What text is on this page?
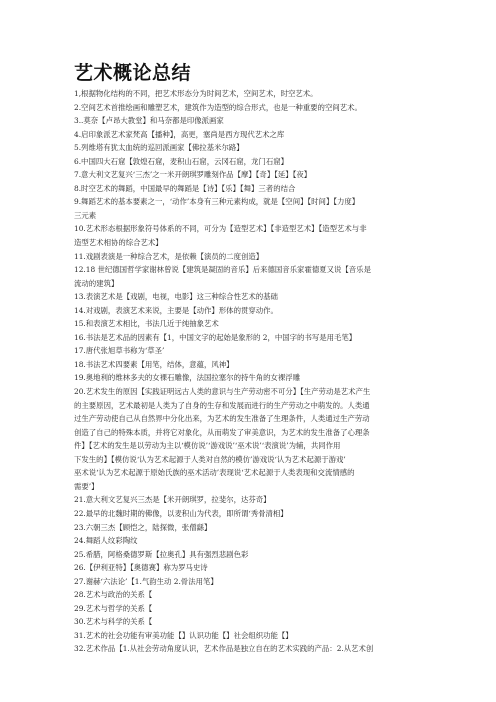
艺术概论总结
1,根据物化结构的不同，把艺术形态分为时间艺术，空间艺术，时空艺术。
2.空间艺术首推绘画和雕塑艺术，建筑作为造型的综合形式，也是一种重要的空间艺术。
3..莫奈【卢昂大教堂】和马奈都是印像派画家
4.启印象派艺术家梵高【播种】，高更，塞尚是西方现代艺术之库
5.列维塔有犹太血统的巡回派画家【佛拉基米尔路】
6.中国四大石窟【敦煌石窟，麦积山石窟，云冈石窟，龙门石窟】
7.意大利文艺复兴‘三杰’之一米开朗琪罗雕刻作品【摩】【奇】【延】【夜】
8.时空艺术的舞蹈，中国最早的舞蹈是【诗】【乐】【舞】三者的结合
9.舞蹈艺术的基本要素之一，‘动作’本身有三种元素构成，就是【空间】【时间】【力度】
三元素
10.艺术形态根据形象符号体系的不同，可分为【造型艺术】【非造型艺术】【造型艺术与非
造型艺术相协的综合艺术】
11.戏剧表演是一种综合艺术，是依赖【演员的二度创造】
12.18 世纪德国哲学家谢林曾说【建筑是凝固的音乐】后来德国音乐家霍德夏又说【音乐是
流动的建筑】
13.表演艺术是【戏剧，电视，电影】这三种综合性艺术的基础
14.对戏剧，表演艺术来说，主要是【动作】形体的贯穿动作。
15.和表演艺术相比，书法几近于纯抽象艺术
16.书法是艺术品的因素有【1，中国文字的起始是象形的 2，中国字的书写是用毛笔】
17.唐代张旭草书称为‘草圣’
18.书法艺术四要素【用笔，结体，意蕴，风神】
19.奥地利的维林多夫的女裸石雕像，法国拉塞尔的持牛角的女裸浮雕
20.艺术发生的原因【实践证明远古人类的意识与生产劳动密不可分】【生产劳动是艺术产生
的主要原因，艺术最初是人类为了自身的生存和发展而进行的生产劳动之中萌发的。人类通
过生产劳动使自己从自然界中分化出来，为艺术的发生准备了生理条件，人类通过生产劳动
创造了自己的特殊本质，并将它对象化，从而萌发了审美意识，为艺术的发生准备了心理条
件】【艺术的发生是以劳动为主以‘模仿说’‘游戏说’‘巫术说’‘表演说’为辅，共同作用
下发生的】【模仿说‘认为艺术起源于人类对自然的模仿’游戏说‘认为艺术起源于游戏’
巫术说‘认为艺术起源于原始氏族的巫术活动’表现说‘艺术起源于人类表现和交流情感的
需要’】
21.意大利文艺复兴三杰是【米开朗琪罗，拉斐尔，达芬奇】
22.最早的北魏时期的佛像，以麦积山为代表，即所谓‘秀骨清相】
23.六朝三杰【顾恺之，陆探微，张僧繇】
24.舞蹈人纹彩陶纹
25.希腊，阿格桑德罗斯【拉奥孔】具有强烈悲剧色彩
26.【伊利亚特】【奥德赛】称为罗马史诗
27.谢赫‘六法论’【1.气韵生动 2.骨法用笔】
28.艺术与政治的关系【
29.艺术与哲学的关系【
30.艺术与科学的关系【
31.艺术的社会功能有审美功能【】认识功能【】社会组织功能【】
32.艺术作品【1.从社会劳动角度认识，艺术作品是独立自在的艺术实践的产品：2.从艺术创
